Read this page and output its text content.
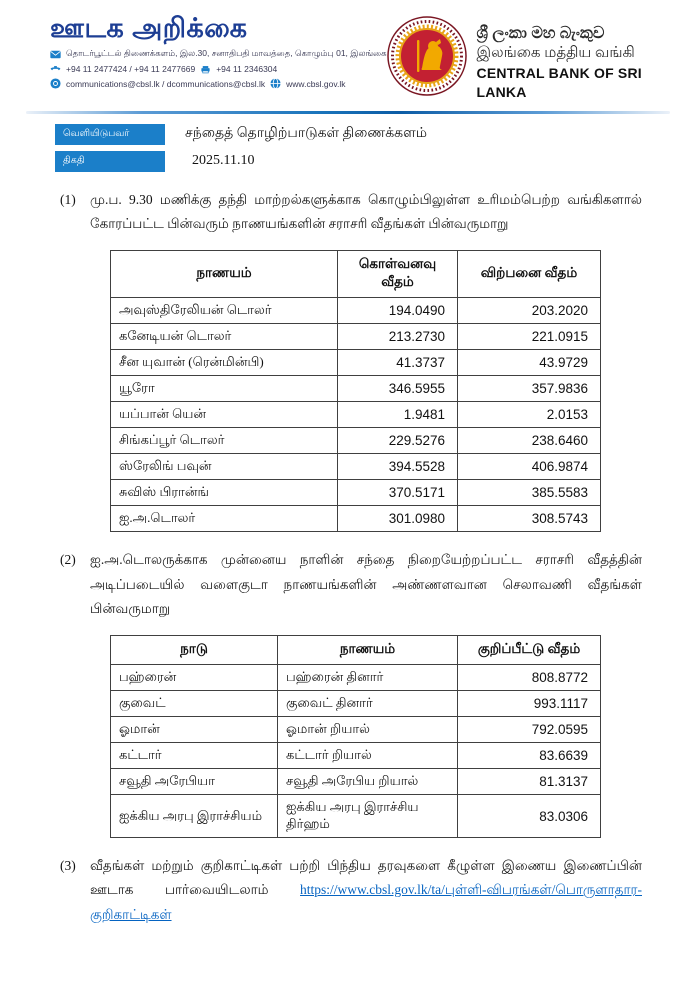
ஊடக அறிக்கை
தொடர்பூட்டல் திணைக்களம், இல.30, சனாதிபதி மாவத்தை, கொழும்பு 01, இலங்கை
+94 11 2477424 / +94 11 2477669 +94 11 2346304
communications@cbsl.lk / dcommunications@cbsl.lk www.cbsl.gov.lk
ශ්‍රී ලංකා මහ බැංකුව
இலங்கை மத்திய வங்கி
CENTRAL BANK OF SRI LANKA
வெளியிடுபவர்	சந்தைத் தொழிற்பாடுகள் திணைக்களம்
திகதி	2025.11.10
(1)	மு.ப. 9.30 மணிக்கு தந்தி மாற்றல்களுக்காக கொழும்பிலுள்ள உரிமம்பெற்ற வங்கிகளால் கோரப்பட்ட பின்வரும் நாணயங்களின் சராசரி வீதங்கள் பின்வருமாறு
நாணயம்	கொள்வனவு வீதம்	விற்பனை வீதம்
அவுஸ்திரேலியன் டொலர்	194.0490	203.2020
கனேடியன் டொலர்	213.2730	221.0915
சீன யுவான் (ரென்மின்பி)	41.3737	43.9729
யூரோ	346.5955	357.9836
யப்பான் யென்	1.9481	2.0153
சிங்கப்பூர் டொலர்	229.5276	238.6460
ஸ்ரேலிங் பவுன்	394.5528	406.9874
சுவிஸ் பிரான்ங்	370.5171	385.5583
ஐ.அ.டொலர்	301.0980	308.5743
(2)	ஐ.அ.டொலருக்காக முன்னைய நாளின் சந்தை நிறையேற்றப்பட்ட சராசரி வீதத்தின் அடிப்படையில் வளைகுடா நாணயங்களின் அண்ணளவான செலாவணி வீதங்கள் பின்வருமாறு
நாடு	நாணயம்	குறிப்பீட்டு வீதம்
பஹ்ரைன்	பஹ்ரைன் தினார்	808.8772
குவைட்	குவைட் தினார்	993.1117
ஓமான்	ஓமான் றியால்	792.0595
கட்டார்	கட்டார் றியால்	83.6639
சவூதி அரேபியா	சவூதி அரேபிய றியால்	81.3137
ஐக்கிய அரபு இராச்சியம்	ஐக்கிய அரபு இராச்சிய திர்ஹம்	83.0306
(3)	வீதங்கள் மற்றும் குறிகாட்டிகள் பற்றி பிந்திய தரவுகளை கீழுள்ள இணைய இணைப்பின் ஊடாக பார்வையிடலாம் https://www.cbsl.gov.lk/ta/புள்ளி-விபரங்கள்/பொருளாதார-குறிகாட்டிகள்
